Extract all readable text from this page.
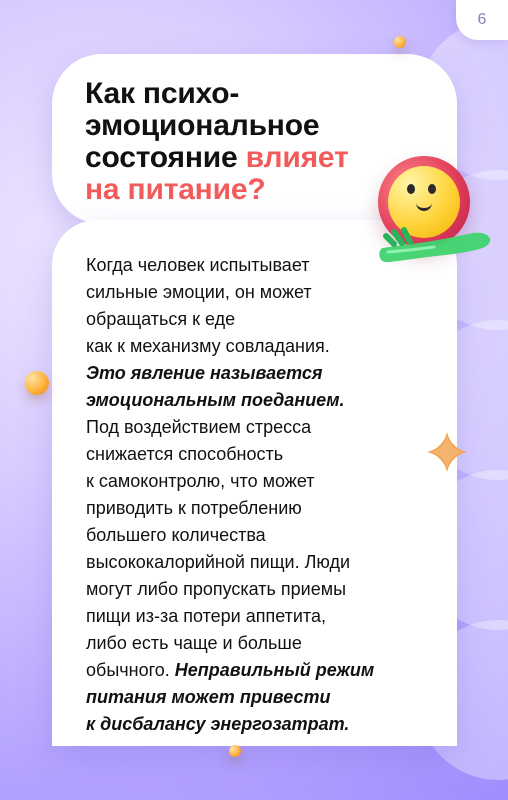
6
Как психо-
эмоциональное
состояние влияет
на питание?
Когда человек испытывает
сильные эмоции, он может
обращаться к еде
как к механизму совладания.
Это явление называется
эмоциональным поеданием.
Под воздействием стресса
снижается способность
к самоконтролю, что может
приводить к потреблению
большего количества
высококалорийной пищи. Люди
могут либо пропускать приемы
пищи из-за потери аппетита,
либо есть чаще и больше
обычного. Неправильный режим
питания может привести
к дисбалансу энергозатрат.
